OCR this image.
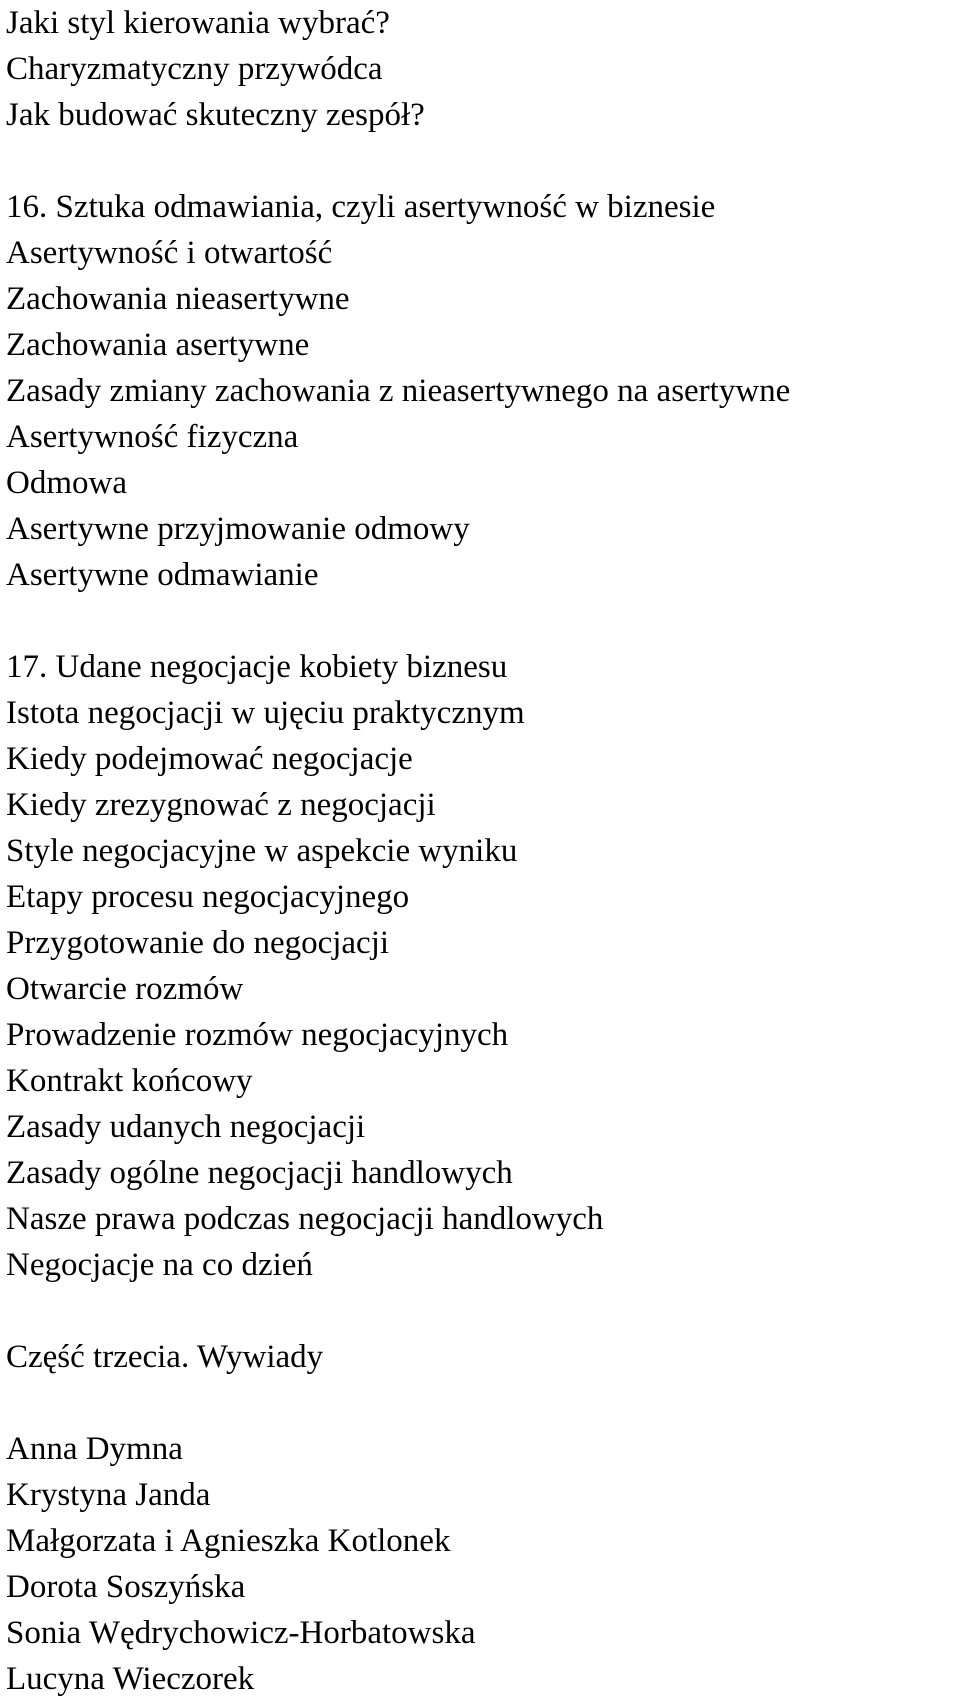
Jaki styl kierowania wybrać?
Charyzmatyczny przywódca
Jak budować skuteczny zespół?
16. Sztuka odmawiania, czyli asertywność w biznesie
Asertywność i otwartość
Zachowania nieasertywne
Zachowania asertywne
Zasady zmiany zachowania z nieasertywnego na asertywne
Asertywność fizyczna
Odmowa
Asertywne przyjmowanie odmowy
Asertywne odmawianie
17. Udane negocjacje kobiety biznesu
Istota negocjacji w ujęciu praktycznym
Kiedy podejmować negocjacje
Kiedy zrezygnować z negocjacji
Style negocjacyjne w aspekcie wyniku
Etapy procesu negocjacyjnego
Przygotowanie do negocjacji
Otwarcie rozmów
Prowadzenie rozmów negocjacyjnych
Kontrakt końcowy
Zasady udanych negocjacji
Zasady ogólne negocjacji handlowych
Nasze prawa podczas negocjacji handlowych
Negocjacje na co dzień
Część trzecia. Wywiady
Anna Dymna
Krystyna Janda
Małgorzata i Agnieszka Kotlonek
Dorota Soszyńska
Sonia Wędrychowicz-Horbatowska
Lucyna Wieczorek
